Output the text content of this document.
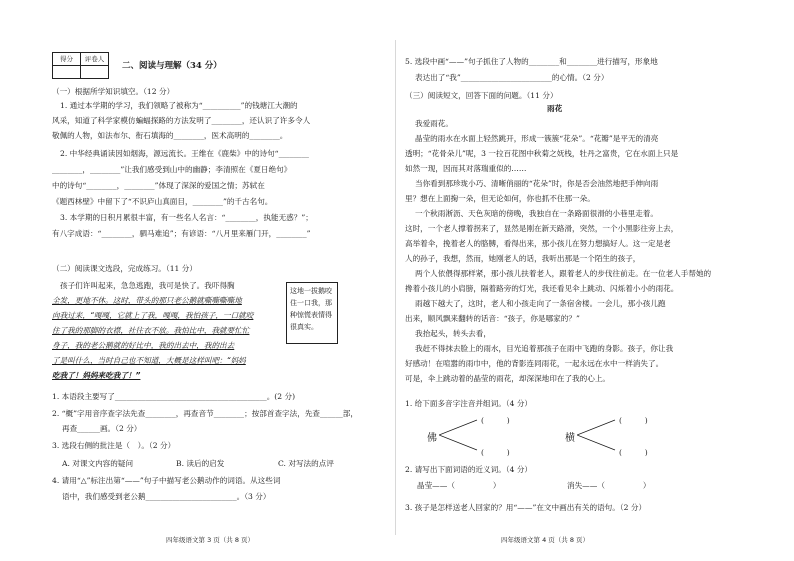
得分	评卷人

二、阅读与理解（34 分）
（一）根据所学知识填空。（12 分）
1. 通过本学期的学习，我们领略了被称为“__________”的钱塘江大潮的
风采，知道了科学家模仿蝙蝠探路的方法发明了________，还认识了许多令人
敬佩的人物，如法布尔、衔石填海的________，医术高明的________。
2. 中华经典诵读因如烟海，源远流长。王维在《鹿柴》中的诗句“________
________，________”让我们感受到山中的幽静；李清照在《夏日绝句》
中的诗句“________，________”体现了深深的爱国之情；苏轼在
《题西林壁》中留下了“不识庐山真面目，________”的千古名句。
3. 本学期的日积月累很丰富，有一些名人名言：“________，执能无惑？”；
有八字成语：“________，驷马难追”；有谚语：“八月里来雁门开，________”
（二）阅读课文选段，完成练习。（11 分）
孩子们许叫起来，急急逃跑，我可是快了。我吓得胸
全发，更地不休。这时，带头的那只老公鹅就嘶嘶嘶嘶地
向我过来，“嘎嘎，它就上了我，嘎嘎，我怕孩子，一口就咬
住了我的那脚的衣襟，社往衣不放。我怕比中，我就要忙忙
身子，我的老公鹅就的好比中，我的出去中，我的出去
了是叫什么，当时自己也不知道，大概是这样叫吧：“妈妈
吃我了！妈妈来吃我了！”
这地一拔鹅咬住一口我，那种惊慌表情得很真实。
1. 本语段主要写了________________________________________。(2 分)
2. “概”字用音序查字法先查________，再查音节________；按部首查字法，先查______部，
再查______画。（2 分）
3. 选段右侧的批注是（　）。（2 分）
A. 对课文内容的疑问	B. 读后的启发	C. 对写法的点评
4. 请用“△”标注出第“——”句子中描写老公鹅动作的词语。从这些词
语中，我们感受到老公鹅________________________。（3 分）
四年级语文第 3 页（共 8 页）
5. 选段中画“——”句子抓住了人物的________和________进行描写，形象地
表达出了“我”________________________的心情。（2 分）
（三）阅读短文，回答下面的问题。（11 分）
雨花
我爱雨花。
晶莹的雨水在水面上轻然跳开，形成一簇簇“花朵”。“花瓣”是平无的清亮
透明；“花骨朵儿”呢，3 一拉百花图中秋菊之妩栈，牡丹之富贵，它在水面上只是
如然一现，因而其对落瑞重似的……
当你看到那珍珑小巧、清晰俏丽的“花朵”时，你是否会油然地把手伸向雨
里？想在上面掬一朵，但无论如何，你也抓不住那一朵。
一个秋雨淅沥、天色灰暗的傍晚，我独自在一条路面很滑的小巷里走着。
这时，一个老人撑着拐来了，显然是刚在新天路滑，突然，一个小黑影往旁上去，
高举着伞，挽着老人的胳膊，看得出来，那小孩儿在努力想搞好人。这一定是老
人的孙子，我想，然而，她刚老人的话，我听出那是一个陌生的孩子，
两个人依偎得那样紧，那小孩儿扶着老人，跟着老人的步伐往前走。在一位老人手帮她的
搀着小孩儿的小肩膀，隔着路旁的灯光，我还看见伞上跳动、闪烁着小小的雨花。
雨越下越大了，这时，老人和小孩走向了一条宿舍楼。一会儿，那小孩儿跑
出来，顺风飘来翻转的话音：“孩子，你是哪家的？”
我抬起头，转头去看，
我赶不得抹去脸上的雨水，目光追着那孩子在雨中飞跑的身影。孩子，你让我
好感动！在喧嚣的雨巾中，他的背影连同雨花，一起永远在水中一样消失了。
可是，伞上跳动着的晶莹的雨花，却深深地印在了我的心上。
1. 给下面多音字注音并组词。（4 分）
佛
(　　　)
(　　　)
横
(　　　)
(　　　)
2. 请写出下面词语的近义词。（4 分）
晶莹——（　　　　　）	消失——（　　　　　）
3. 孩子是怎样送老人回家的？用“——”在文中画出有关的语句。（2 分）
四年级语文第 4 页（共 8 页）
